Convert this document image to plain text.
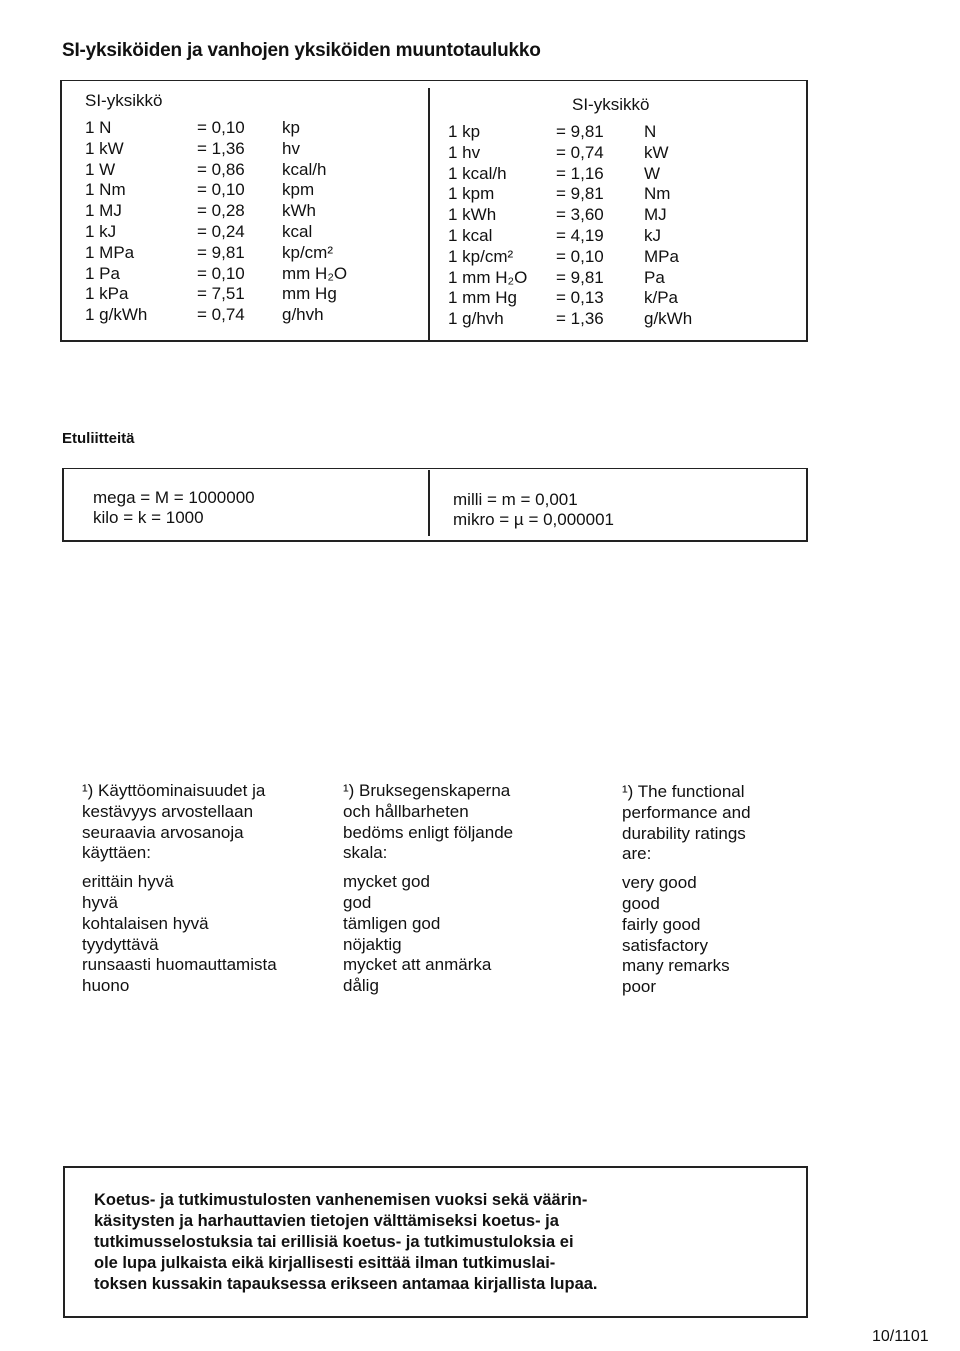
SI-yksiköiden ja vanhojen yksiköiden muuntotaulukko
SI-yksikkö	SI-yksikkö
1 N	= 0,10	kp
1 kW	= 1,36	hv
1 W	= 0,86	kcal/h
1 Nm	= 0,10	kpm
1 MJ	= 0,28	kWh
1 kJ	= 0,24	kcal
1 MPa	= 9,81	kp/cm²
1 Pa	= 0,10	mm H₂O
1 kPa	= 7,51	mm Hg
1 g/kWh	= 0,74	g/hvh
1 kp	= 9,81	N
1 hv	= 0,74	kW
1 kcal/h	= 1,16	W
1 kpm	= 9,81	Nm
1 kWh	= 3,60	MJ
1 kcal	= 4,19	kJ
1 kp/cm²	= 0,10	MPa
1 mm H₂O	= 9,81	Pa
1 mm Hg	= 0,13	k/Pa
1 g/hvh	= 1,36	g/kWh
Etuliitteitä
mega = M = 1000000
kilo = k = 1000
milli = m = 0,001
mikro = µ = 0,000001
¹) Käyttöominaisuudet ja
kestävyys arvostellaan
seuraavia arvosanoja
käyttäen:
erittäin hyvä
hyvä
kohtalaisen hyvä
tyydyttävä
runsaasti huomauttamista
huono
¹) Bruksegenskaperna
och hållbarheten
bedöms enligt följande
skala:
mycket god
god
tämligen god
nöjaktig
mycket att anmärka
dålig
¹) The functional
performance and
durability ratings
are:
very good
good
fairly good
satisfactory
many remarks
poor
Koetus- ja tutkimustulosten vanhenemisen vuoksi sekä väärin-
käsitysten ja harhauttavien tietojen välttämiseksi koetus- ja
tutkimusselostuksia tai erillisiä koetus- ja tutkimustuloksia ei
ole lupa julkaista eikä kirjallisesti esittää ilman tutkimuslai-
toksen kussakin tapauksessa erikseen antamaa kirjallista lupaa.
10/1101
